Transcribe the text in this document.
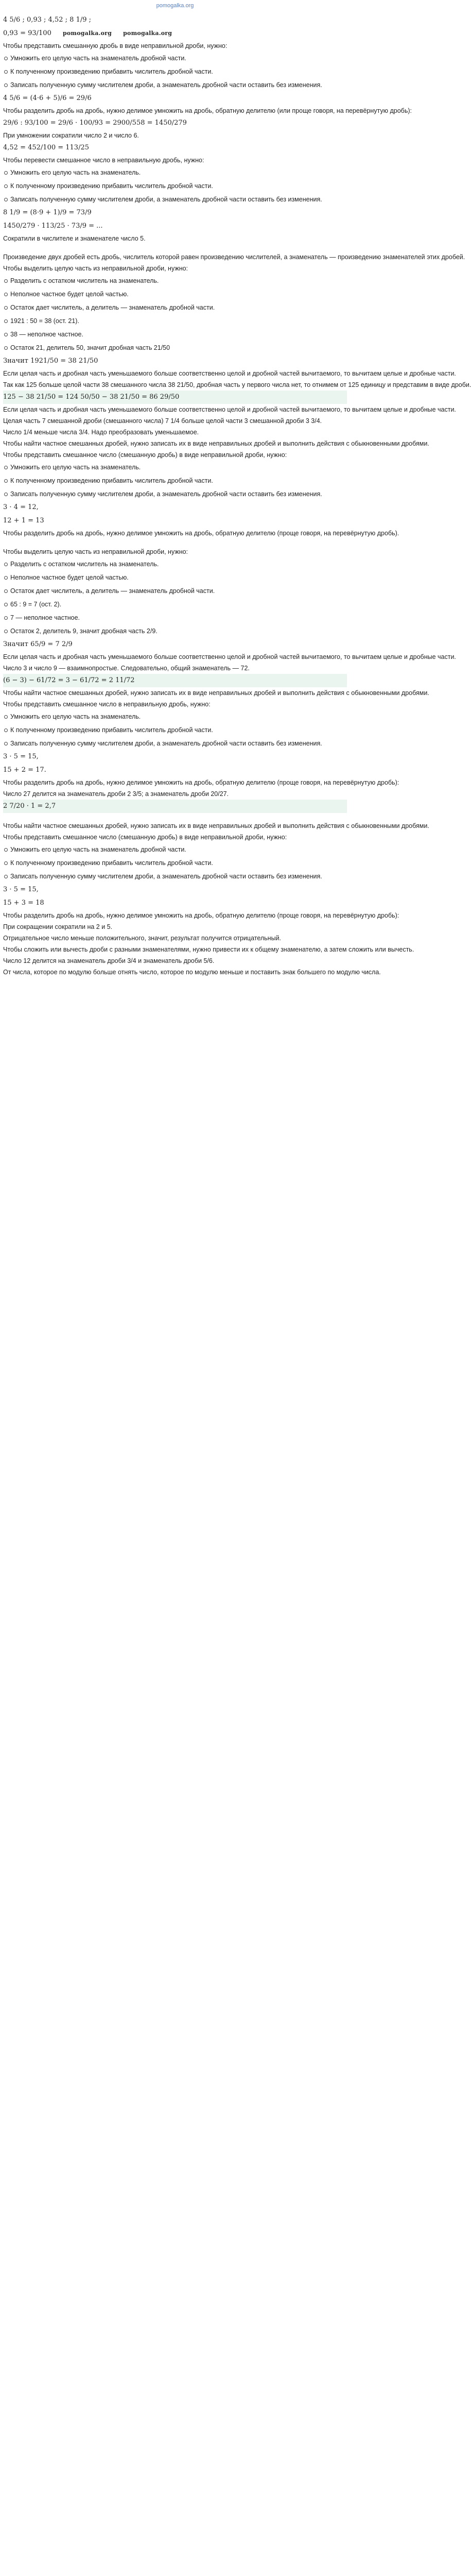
pomogalka.org

4 5/6 ; 0,93 ; 4,52 ; 8 1/9 ;

0,93 = 93/100 pomogalka.org pomogalka.org

Чтобы представить смешанную дробь в виде неправильной дроби, нужно:

Умножить его целую часть на знаменатель дробной части.

К полученному произведению прибавить числитель дробной части.

Записать полученную сумму числителем дроби, а знаменатель дробной части оставить без изменения.

4 5/6 = (4·6 + 5)/6 = 29/6

Чтобы разделить дробь на дробь, нужно делимое умножить на дробь, обратную делителю (или проще говоря, на перевёрнутую дробь):

29/6 : 93/100 = 29/6 · 100/93 = 2900/558 = 1450/279

При умножении сократили число 2 и число 6.

4,52 = 452/100 = 113/25

Чтобы перевести смешанное число в неправильную дробь, нужно:

Умножить его целую часть на знаменатель.

К полученному произведению прибавить числитель дробной части.

Записать полученную сумму числителем дроби, а знаменатель дробной части оставить без изменения.

8 1/9 = (8·9 + 1)/9 = 73/9

1450/279 · 113/25 · 73/9 = ...

Сократили в числителе и знаменателе число 5.

Произведение двух дробей есть дробь, числитель которой равен произведению числителей, а знаменатель — произведению знаменателей этих дробей.

Чтобы выделить целую часть из неправильной дроби, нужно:

Разделить с остатком числитель на знаменатель.

Неполное частное будет целой частью.

Остаток дает числитель, а делитель — знаменатель дробной части.

1921 : 50 = 38 (ост. 21).

38 — неполное частное.

Остаток 21, делитель 50, значит дробная часть 21/50

Значит 1921/50 = 38 21/50

Если целая часть и дробная часть уменьшаемого больше соответственно целой и дробной частей вычитаемого, то вычитаем целые и дробные части.

Так как 125 больше целой части 38 смешанного числа 38 21/50, дробная часть у первого числа нет, то отнимем от 125 единицу и представим в виде дроби.

125 − 38 21/50 = 124 50/50 − 38 21/50 = 86 29/50

Если целая часть и дробная часть уменьшаемого больше соответственно целой и дробной частей вычитаемого, то вычитаем целые и дробные части.

Целая часть 7 смешанной дроби (смешанного числа) 7 1/4 больше целой части 3 смешанной дроби 3 3/4.

Число 1/4 меньше числа 3/4. Надо преобразовать уменьшаемое.

Чтобы найти частное смешанных дробей, нужно записать их в виде неправильных дробей и выполнить действия с обыкновенными дробями.

Чтобы представить смешанное число (смешанную дробь) в виде неправильной дроби, нужно:

Умножить его целую часть на знаменатель.

К полученному произведению прибавить числитель дробной части.

Записать полученную сумму числителем дроби, а знаменатель дробной части оставить без изменения.

3 · 4 = 12,

12 + 1 = 13

Чтобы разделить дробь на дробь, нужно делимое умножить на дробь, обратную делителю (проще говоря, на перевёрнутую дробь).

Чтобы выделить целую часть из неправильной дроби, нужно:

Разделить с остатком числитель на знаменатель.

Неполное частное будет целой частью.

Остаток дает числитель, а делитель — знаменатель дробной части.

65 : 9 = 7 (ост. 2).

7 — неполное частное.

Остаток 2, делитель 9, значит дробная часть 2/9.

Значит 65/9 = 7 2/9

Если целая часть и дробная часть уменьшаемого больше соответственно целой и дробной частей вычитаемого, то вычитаем целые и дробные части.

Число 3 и число 9 — взаимнопростые. Следовательно, общий знаменатель — 72.

(6 − 3) − 61/72 = 3 − 61/72 = 2 11/72

Чтобы найти частное смешанных дробей, нужно записать их в виде неправильных дробей и выполнить действия с обыкновенными дробями.

Чтобы представить смешанное число в неправильную дробь, нужно:

Умножить его целую часть на знаменатель.

К полученному произведению прибавить числитель дробной части.

Записать полученную сумму числителем дроби, а знаменатель дробной части оставить без изменения.

3 · 5 = 15,

15 + 2 = 17.

Чтобы разделить дробь на дробь, нужно делимое умножить на дробь, обратную делителю (проще говоря, на перевёрнутую дробь):

Число 27 делится на знаменатель дроби 2 3/5; а знаменатель дроби 20/27.

2 7/20 · 1 = 2,7

Чтобы найти частное смешанных дробей, нужно записать их в виде неправильных дробей и выполнить действия с обыкновенными дробями.

Чтобы представить смешанное число (смешанную дробь) в виде неправильной дроби, нужно:

Умножить его целую часть на знаменатель дробной части.

К полученному произведению прибавить числитель дробной части.

Записать полученную сумму числителем дроби, а знаменатель дробной части оставить без изменения.

3 · 5 = 15,

15 + 3 = 18

Чтобы разделить дробь на дробь, нужно делимое умножить на дробь, обратную делителю (проще говоря, на перевёрнутую дробь):

При сокращении сократили на 2 и 5.

Отрицательное число меньше положительного, значит, результат получится отрицательный.

Чтобы сложить или вычесть дроби с разными знаменателями, нужно привести их к общему знаменателю, а затем сложить или вычесть.

Число 12 делится на знаменатель дроби 3/4 и знаменатель дроби 5/6.

От числа, которое по модулю больше отнять число, которое по модулю меньше и поставить знак большего по модулю числа.
